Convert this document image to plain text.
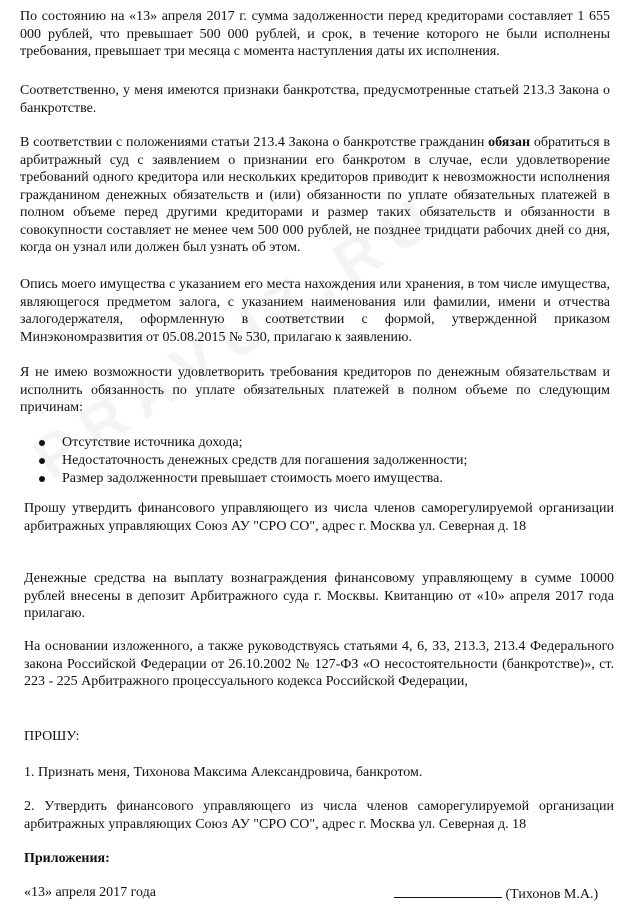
По состоянию на «13» апреля 2017 г. сумма задолженности перед кредиторами составляет 1 655 000 рублей, что превышает 500 000 рублей, и срок, в течение которого не были исполнены требования, превышает три месяца с момента наступления даты их исполнения.

Соответственно, у меня имеются признаки банкротства, предусмотренные статьей 213.3 Закона о банкротстве.

В соответствии с положениями статьи 213.4 Закона о банкротстве гражданин обязан обратиться в арбитражный суд с заявлением о признании его банкротом в случае, если удовлетворение требований одного кредитора или нескольких кредиторов приводит к невозможности исполнения гражданином денежных обязательств и (или) обязанности по уплате обязательных платежей в полном объеме перед другими кредиторами и размер таких обязательств и обязанности в совокупности составляет не менее чем 500 000 рублей, не позднее тридцати рабочих дней со дня, когда он узнал или должен был узнать об этом.

Опись моего имущества с указанием его места нахождения или хранения, в том числе имущества, являющегося предметом залога, с указанием наименования или фамилии, имени и отчества залогодержателя, оформленную в соответствии с формой, утвержденной приказом Минэкономразвития от 05.08.2015 № 530, прилагаю к заявлению.

Я не имею возможности удовлетворить требования кредиторов по денежным обязательствам и исполнить обязанность по уплате обязательных платежей в полном объеме по следующим причинам:

Отсутствие источника дохода;
Недостаточность денежных средств для погашения задолженности;
Размер задолженности превышает стоимость моего имущества.

Прошу утвердить финансового управляющего из числа членов саморегулируемой организации арбитражных управляющих Союз АУ "СРО СО", адрес г. Москва ул. Северная д. 18

Денежные средства на выплату вознаграждения финансовому управляющему в сумме 10000 рублей внесены в депозит Арбитражного суда г. Москвы. Квитанцию от «10» апреля 2017 года прилагаю.

На основании изложенного, а также руководствуясь статьями 4, 6, 33, 213.3, 213.4 Федерального закона Российской Федерации от 26.10.2002 № 127-ФЗ «О несостоятельности (банкротстве)», ст. 223 - 225 Арбитражного процессуального кодекса Российской Федерации,

ПРОШУ:

1. Признать меня, Тихонова Максима Александровича, банкротом.

2. Утвердить финансового управляющего из числа членов саморегулируемой организации арбитражных управляющих Союз АУ "СРО СО", адрес г. Москва ул. Северная д. 18

Приложения:

«13» апреля 2017 года	(Тихонов М.А.)
